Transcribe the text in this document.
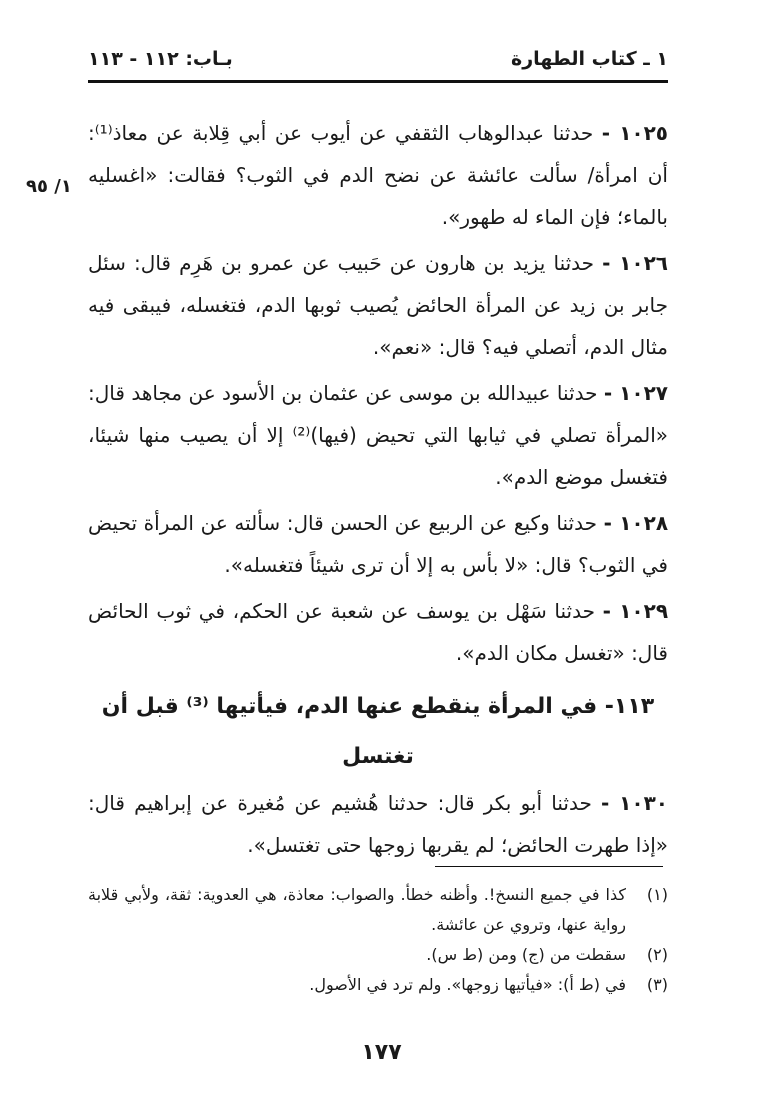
١ ـ كتاب الطهارة
بـاب: ١١٢ - ١١٣
١/ ٩٥

١٠٢٥ - حدثنا عبدالوهاب الثقفي عن أيوب عن أبي قِلابة عن معاذ⁽¹⁾: أن امرأة/ سألت عائشة عن نضح الدم في الثوب؟ فقالت: «اغسليه بالماء؛ فإن الماء له طهور».

١٠٢٦ - حدثنا يزيد بن هارون عن حَبيب عن عمرو بن هَرِم قال: سئل جابر بن زيد عن المرأة الحائض يُصيب ثوبها الدم، فتغسله، فيبقى فيه مثال الدم، أتصلي فيه؟ قال: «نعم».

١٠٢٧ - حدثنا عبيدالله بن موسى عن عثمان بن الأسود عن مجاهد قال: «المرأة تصلي في ثيابها التي تحيض (فيها)⁽²⁾ إلا أن يصيب منها شيئا، فتغسل موضع الدم».

١٠٢٨ - حدثنا وكيع عن الربيع عن الحسن قال: سألته عن المرأة تحيض في الثوب؟ قال: «لا بأس به إلا أن ترى شيئاً فتغسله».

١٠٢٩ - حدثنا سَهْل بن يوسف عن شعبة عن الحكم، في ثوب الحائض قال: «تغسل مكان الدم».

١١٣- في المرأة ينقطع عنها الدم، فيأتيها ⁽³⁾ قبل أن تغتسل

١٠٣٠ - حدثنا أبو بكر قال: حدثنا هُشيم عن مُغيرة عن إبراهيم قال: «إذا طهرت الحائض؛ لم يقربها زوجها حتى تغتسل».

(١)
كذا في جميع النسخ!. وأظنه خطأ. والصواب: معاذة، هي العدوية: ثقة، ولأبي قلابة رواية عنها، وتروي عن عائشة.
(٢)
سقطت من (ج) ومن (ط س).
(٣)
في (ط أ): «فيأتيها زوجها». ولم ترد في الأصول.
١٧٧
